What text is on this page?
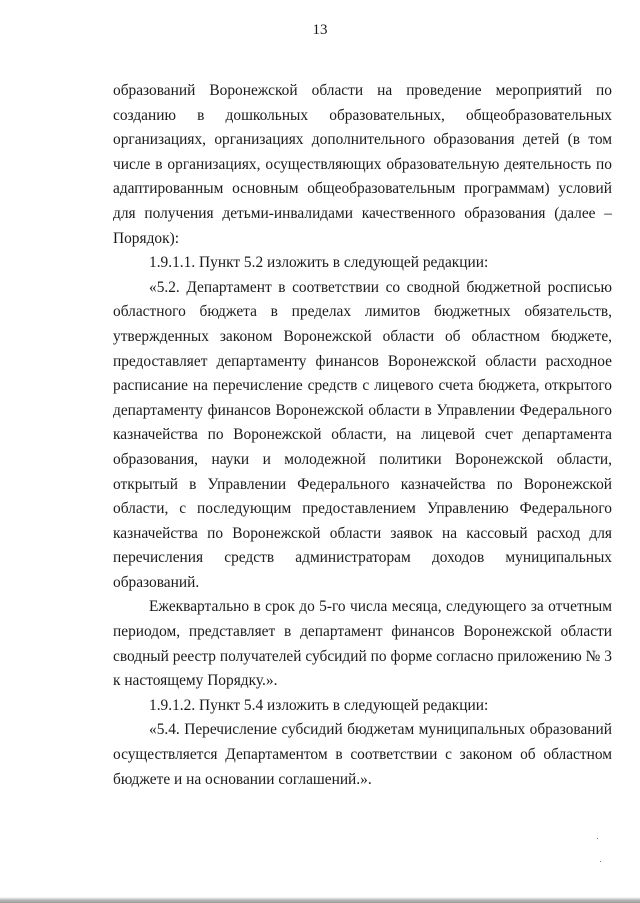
13

образований Воронежской области на проведение мероприятий по созданию в дошкольных образовательных, общеобразовательных организациях, организациях дополнительного образования детей (в том числе в организациях, осуществляющих образовательную деятельность по адаптированным основным общеобразовательным программам) условий для получения детьми-инвалидами качественного образования (далее – Порядок):

1.9.1.1. Пункт 5.2 изложить в следующей редакции:

«5.2. Департамент в соответствии со сводной бюджетной росписью областного бюджета в пределах лимитов бюджетных обязательств, утвержденных законом Воронежской области об областном бюджете, предоставляет департаменту финансов Воронежской области расходное расписание на перечисление средств с лицевого счета бюджета, открытого департаменту финансов Воронежской области в Управлении Федерального казначейства по Воронежской области, на лицевой счет департамента образования, науки и молодежной политики Воронежской области, открытый в Управлении Федерального казначейства по Воронежской области, с последующим предоставлением Управлению Федерального казначейства по Воронежской области заявок на кассовый расход для перечисления средств администраторам доходов муниципальных образований.

Ежеквартально в срок до 5-го числа месяца, следующего за отчетным периодом, представляет в департамент финансов Воронежской области сводный реестр получателей субсидий по форме согласно приложению № 3 к настоящему Порядку.».

1.9.1.2. Пункт 5.4 изложить в следующей редакции:

«5.4. Перечисление субсидий бюджетам муниципальных образований осуществляется Департаментом в соответствии с законом об областном бюджете и на основании соглашений.».
